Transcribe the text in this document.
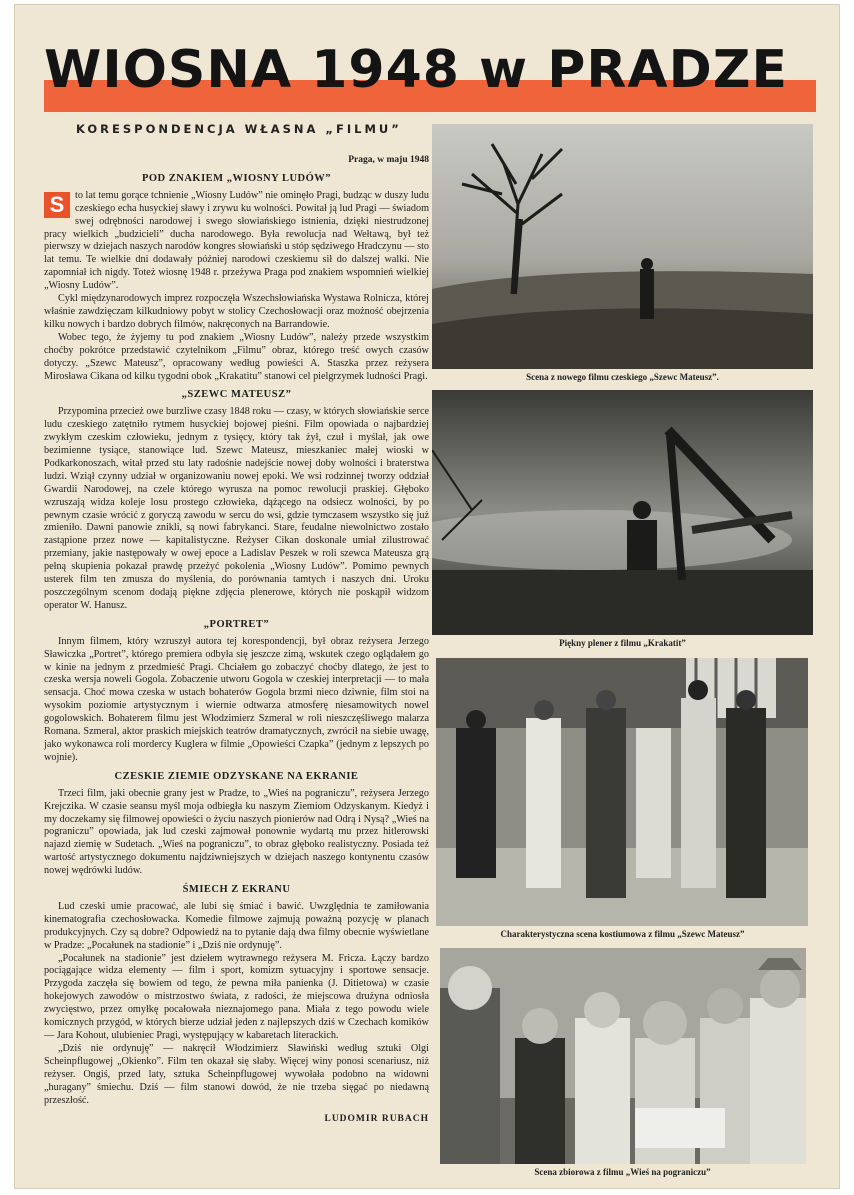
WIOSNA 1948 w PRADZE
KORESPONDENCJA WŁASNA „FILMU”
Praga, w maju 1948
POD ZNAKIEM „WIOSNY LUDÓW”

S	to lat temu gorące tchnienie „Wiosny Ludów” nie ominęło Pragi, budząc w duszy ludu czeskiego echa husyckiej sławy i zrywu ku wolności. Powitał ją lud Pragi — świadom swej odrębności narodowej i swego słowiańskiego istnienia, dzięki niestrudzonej pracy wielkich „budzicieli” ducha narodowego. Była rewolucja nad Wełtawą, był też pierwszy w dziejach naszych narodów kongres słowiański u stóp sędziwego Hradczynu — sto lat temu. Te wielkie dni dodawały później narodowi czeskiemu sił do dalszej walki. Nie zapomniał ich nigdy. Toteż wiosnę 1948 r. przeżywa Praga pod znakiem wspomnień wielkiej „Wiosny Ludów”.

Cykl międzynarodowych imprez rozpoczęła Wszechsłowiańska Wystawa Rolnicza, której właśnie zawdzięczam kilkudniowy pobyt w stolicy Czechosłowacji oraz możność obejrzenia kilku nowych i bardzo dobrych filmów, nakręconych na Barrandowie.

Wobec tego, że żyjemy tu pod znakiem „Wiosny Ludów”, należy przede wszystkim choćby pokrótce przedstawić czytelnikom „Filmu” obraz, którego treść owych czasów dotyczy. „Szewc Mateusz”, opracowany według powieści A. Staszka przez reżysera Mirosława Cikana od kilku tygodni obok „Krakatitu” stanowi cel pielgrzymek ludności Pragi.

„SZEWC MATEUSZ”

Przypomina przecież owe burzliwe czasy 1848 roku — czasy, w których słowiańskie serce ludu czeskiego zatętniło rytmem husyckiej bojowej pieśni. Film opowiada o najbardziej zwykłym czeskim człowieku, jednym z tysięcy, który tak żył, czuł i myślał, jak owe bezimienne tysiące, stanowiące lud. Szewc Mateusz, mieszkaniec małej wioski w Podkarkonoszach, witał przed stu laty radośnie nadejście nowej doby wolności i braterstwa ludzi. Wziął czynny udział w organizowaniu nowej epoki. We wsi rodzinnej tworzy oddział Gwardii Narodowej, na czele którego wyrusza na pomoc rewolucji praskiej. Głęboko wzruszają widza koleje losu prostego człowieka, dążącego na odsiecz wolności, by po pewnym czasie wrócić z goryczą zawodu w sercu do wsi, gdzie tymczasem wszystko się już zmieniło. Dawni panowie znikli, są nowi fabrykanci. Stare, feudalne niewolnictwo zostało zastąpione przez nowe — kapitalistyczne. Reżyser Cikan doskonale umiał zilustrować przemiany, jakie następowały w owej epoce a Ladislav Peszek w roli szewca Mateusza grą pełną skupienia pokazał prawdę przeżyć pokolenia „Wiosny Ludów”. Pomimo pewnych usterek film ten zmusza do myślenia, do porównania tamtych i naszych dni. Uroku poszczególnym scenom dodają piękne zdjęcia plenerowe, których nie poskąpił widzom operator W. Hanusz.

„PORTRET”

Innym filmem, który wzruszył autora tej korespondencji, był obraz reżysera Jerzego Sławiczka „Portret”, którego premiera odbyła się jeszcze zimą, wskutek czego oglądałem go w kinie na jednym z przedmieść Pragi. Chciałem go zobaczyć choćby dlatego, że jest to czeska wersja noweli Gogola. Zobaczenie utworu Gogola w czeskiej interpretacji — to mała sensacja. Choć mowa czeska w ustach bohaterów Gogola brzmi nieco dziwnie, film stoi na wysokim poziomie artystycznym i wiernie odtwarza atmosferę niesamowitych nowel gogolowskich. Bohaterem filmu jest Włodzimierz Szmeral w roli nieszczęśliwego malarza Romana. Szmeral, aktor praskich miejskich teatrów dramatycznych, zwrócił na siebie uwagę, jako wykonawca roli mordercy Kuglera w filmie „Opowieści Czapka” (jednym z lepszych po wojnie).

CZESKIE ZIEMIE ODZYSKANE NA EKRANIE

Trzeci film, jaki obecnie grany jest w Pradze, to „Wieś na pograniczu”, reżysera Jerzego Krejczika. W czasie seansu myśl moja odbiegła ku naszym Ziemiom Odzyskanym. Kiedyż i my doczekamy się filmowej opowieści o życiu naszych pionierów nad Odrą i Nysą? „Wieś na pograniczu” opowiada, jak lud czeski zajmował ponownie wydartą mu przez hitlerowski najazd ziemię w Sudetach. „Wieś na pograniczu”, to obraz głęboko realistyczny. Posiada też wartość artystycznego dokumentu najdziwniejszych w dziejach naszego kontynentu czasów nowej wędrówki ludów.

ŚMIECH Z EKRANU

Lud czeski umie pracować, ale lubi się śmiać i bawić. Uwzględnia te zamiłowania kinematografia czechosłowacka. Komedie filmowe zajmują poważną pozycję w planach produkcyjnych. Czy są dobre? Odpowiedź na to pytanie dają dwa filmy obecnie wyświetlane w Pradze: „Pocałunek na stadionie” i „Dziś nie ordynuję”.

„Pocałunek na stadionie” jest dziełem wytrawnego reżysera M. Fricza. Łączy bardzo pociągające widza elementy — film i sport, komizm sytuacyjny i sportowe sensacje. Przygoda zaczęła się bowiem od tego, że pewna miła panienka (J. Ditietowa) w czasie hokejowych zawodów o mistrzostwo świata, z radości, że miejscowa drużyna odniosła zwycięstwo, przez omyłkę pocałowała nieznajomego pana. Miała z tego powodu wiele komicznych przygód, w których bierze udział jeden z najlepszych dziś w Czechach komików — Jara Kohout, ulubieniec Pragi, występujący w kabaretach literackich.

„Dziś nie ordynuję” — nakręcił Włodzimierz Sławiński według sztuki Olgi Scheinpflugowej „Okienko”. Film ten okazał się słaby. Więcej winy ponosi scenariusz, niż reżyser. Ongiś, przed laty, sztuka Scheinpflugowej wywołała podobno na widowni „huragany” śmiechu. Dziś — film stanowi dowód, że nie trzeba sięgać po niedawną przeszłość.

LUDOMIR RUBACH
Scena z nowego filmu czeskiego „Szewc Mateusz”.
Piękny plener z filmu „Krakatit”
Charakterystyczna scena kostiumowa z filmu „Szewc Mateusz”
Scena zbiorowa z filmu „Wieś na pograniczu”
